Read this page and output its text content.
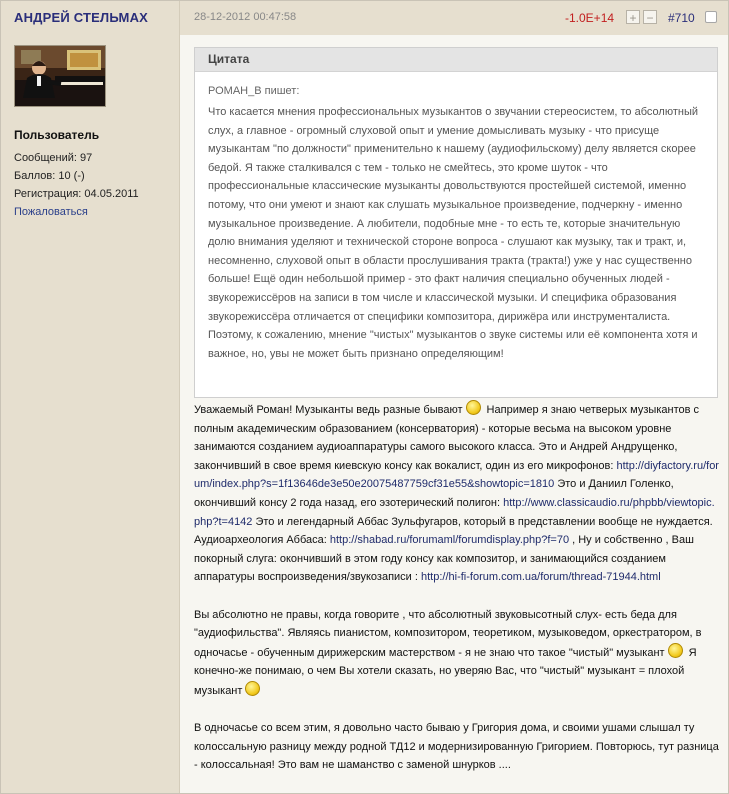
АНДРЕЙ СТЕЛЬМАХ
Пользователь
Сообщений: 97
Баллов: 10 (-)
Регистрация: 04.05.2011
Пожаловаться
28-12-2012 00:47:58	-1.0E+14 + − #710
Цитата
РОМАН_В пишет:
Что касается мнения профессиональных музыкантов о звучании стереосистем, то абсолютный слух, а главное - огромный слуховой опыт и умение домысливать музыку - что присуще музыкантам "по должности" применительно к нашему (аудиофильскому) делу является скорее бедой. Я также сталкивался с тем - только не смейтесь, это кроме шуток - что профессиональные классические музыканты довольствуются простейшей системой, именно потому, что они умеют и знают как слушать музыкальное произведение, подчеркну - именно музыкальное произведение. А любители, подобные мне - то есть те, которые значительную долю внимания уделяют и технической стороне вопроса - слушают как музыку, так и тракт, и, несомненно, слуховой опыт в области прослушивания тракта (тракта!) уже у нас существенно больше! Ещё один небольшой пример - это факт наличия специально обученных людей - звукорежиссёров на записи в том числе и классической музыки. И специфика образования звукорежиссёра отличается от специфики композитора, дирижёра или инструменталиста. Поэтому, к сожалению, мнение "чистых" музыкантов о звуке системы или её компонента хотя и важное, но, увы не может быть признано определяющим!

Уважаемый Роман! Музыканты ведь разные бывают Например я знаю четверых музыкантов с полным академическим образованием (консерватория) - которые весьма на высоком уровне занимаются созданием аудиоаппаратуры самого высокого класса. Это и Андрей Андрущенко, закончивший в свое время киевскую консу как вокалист, один из его микрофонов: http://diyfactory.ru/forum/index.php?s=1f13646de3e50e20075487759cf31e55&showtopic=1810 Это и Даниил Голенко, окончивший консу 2 года назад, его эзотерический полигон: http://www.classicaudio.ru/phpbb/viewtopic.php?t=4142 Это и легендарный Аббас Зульфугаров, который в представлении вообще не нуждается. Аудиоархеология Аббаса: http://shabad.ru/forumaml/forumdisplay.php?f=70 , Ну и собственно , Ваш покорный слуга: окончивший в этом году консу как композитор, и занимающийся созданием аппаратуры воспроизведения/звукозаписи : http://hi-fi-forum.com.ua/forum/thread-71944.html

Вы абсолютно не правы, когда говорите , что абсолютный звуковысотный слух- есть беда для "аудиофильства". Являясь пианистом, композитором, теоретиком, музыковедом, оркестратором, в одночасье - обученным дирижерским мастерством - я не знаю что такое "чистый" музыкант Я конечно-же понимаю, о чем Вы хотели сказать, но уверяю Вас, что "чистый" музыкант = плохой музыкант

В одночасье со всем этим, я довольно часто бываю у Григория дома, и своими ушами слышал ту колоссальную разницу между родной ТД12 и модернизированную Григорием. Повторюсь, тут разница - колоссальная! Это вам не шаманство с заменой шнурков ....
